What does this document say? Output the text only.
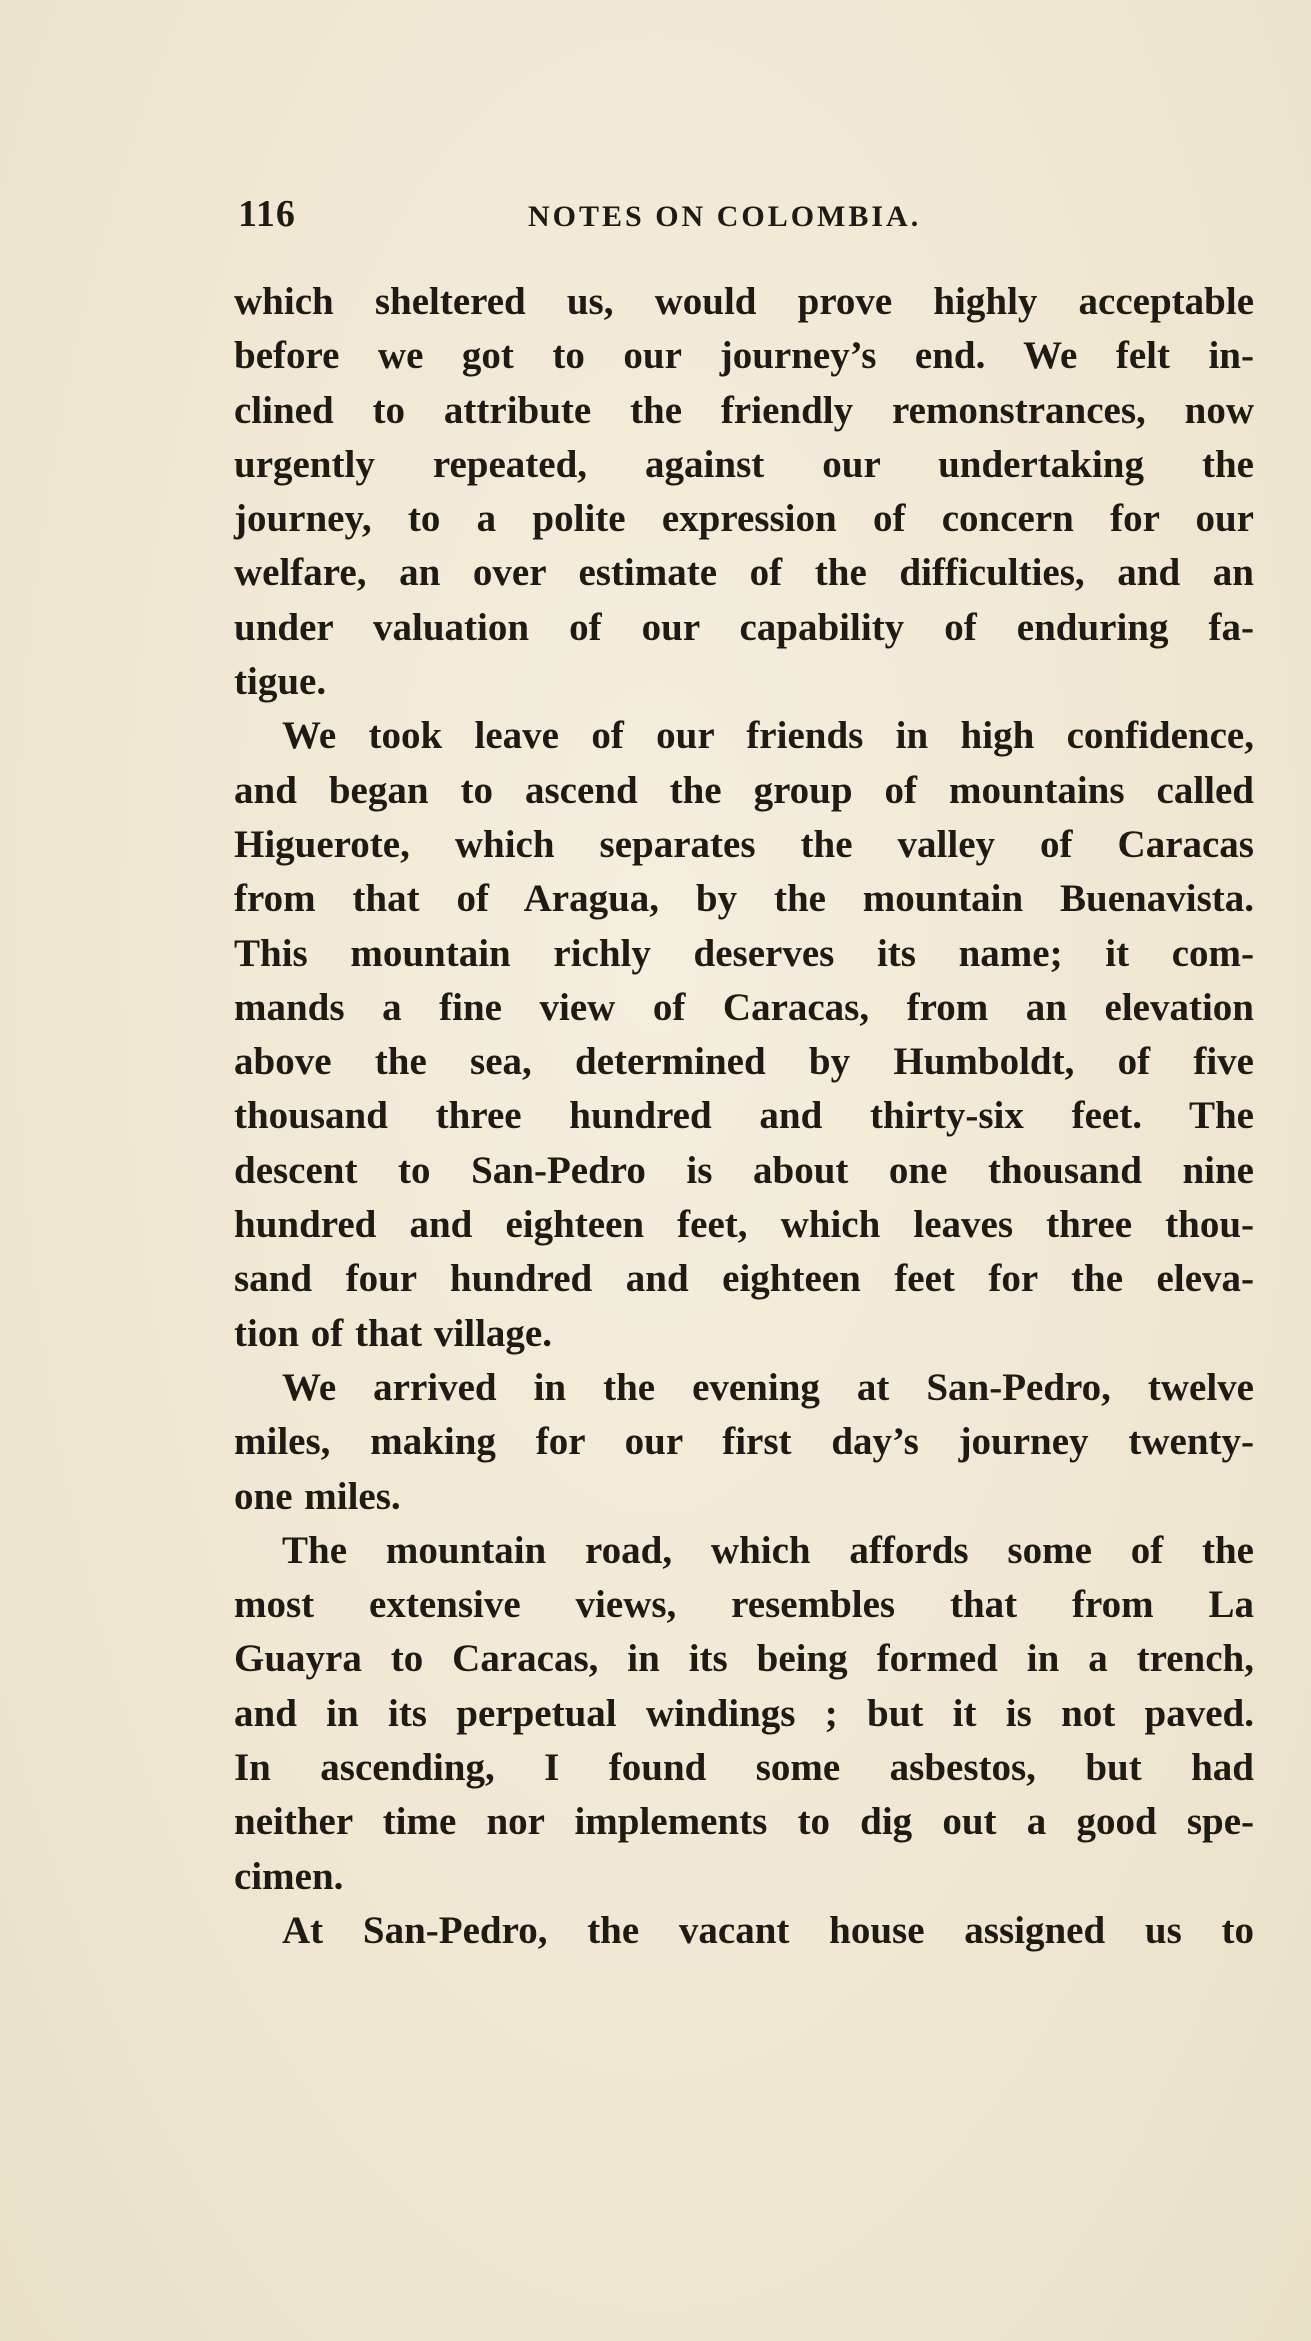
116	NOTES ON COLOMBIA.
which sheltered us, would prove highly acceptable
before we got to our journey’s end. We felt in-
clined to attribute the friendly remonstrances, now
urgently repeated, against our undertaking the
journey, to a polite expression of concern for our
welfare, an over estimate of the difficulties, and an
under valuation of our capability of enduring fa-
tigue.
We took leave of our friends in high confidence,
and began to ascend the group of mountains called
Higuerote, which separates the valley of Caracas
from that of Aragua, by the mountain Buenavista.
This mountain richly deserves its name; it com-
mands a fine view of Caracas, from an elevation
above the sea, determined by Humboldt, of five
thousand three hundred and thirty-six feet. The
descent to San-Pedro is about one thousand nine
hundred and eighteen feet, which leaves three thou-
sand four hundred and eighteen feet for the eleva-
tion of that village.
We arrived in the evening at San-Pedro, twelve
miles, making for our first day’s journey twenty-
one miles.
The mountain road, which affords some of the
most extensive views, resembles that from La
Guayra to Caracas, in its being formed in a trench,
and in its perpetual windings ; but it is not paved.
In ascending, I found some asbestos, but had
neither time nor implements to dig out a good spe-
cimen.
At San-Pedro, the vacant house assigned us to
